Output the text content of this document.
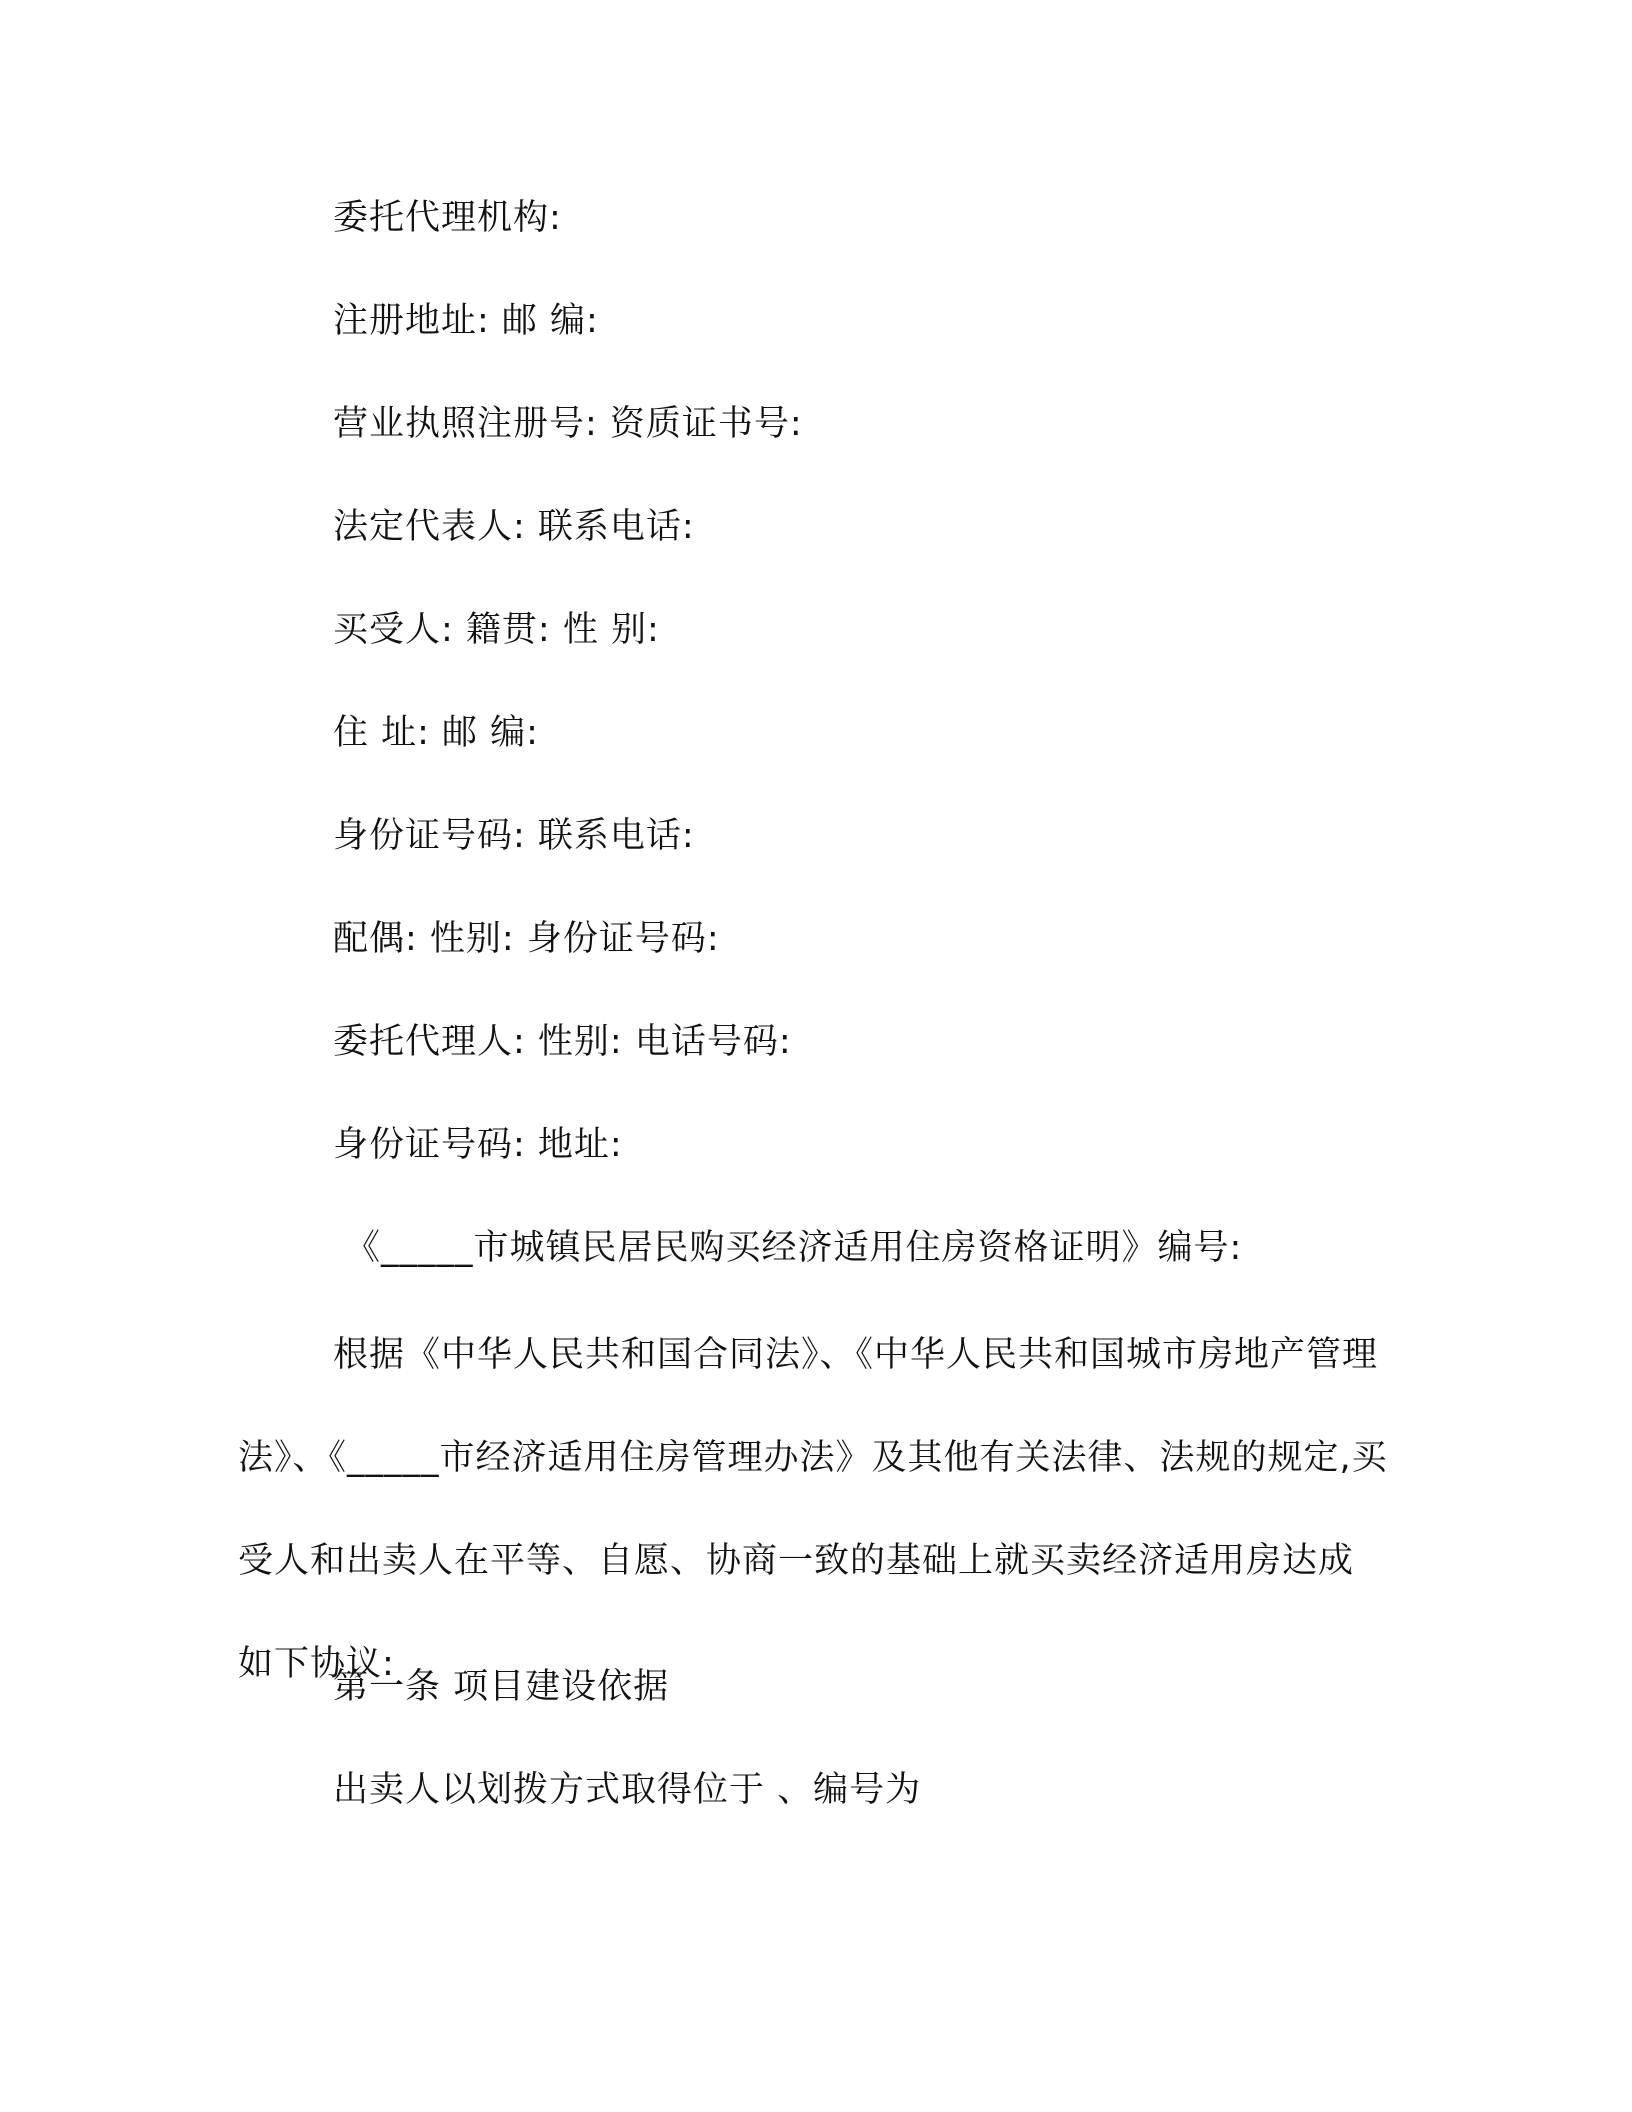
委托代理机构:
注册地址: 邮 编:
营业执照注册号: 资质证书号:
法定代表人: 联系电话:
买受人: 籍贯: 性 别:
住 址: 邮 编:
身份证号码: 联系电话:
配偶: 性别: 身份证号码:
委托代理人: 性别: 电话号码:
身份证号码: 地址:
《_____市城镇民居民购买经济适用住房资格证明》编号:

根据《中华人民共和国合同法》、《中华人民共和国城市房地产管理法》、《_____市经济适用住房管理办法》及其他有关法律、法规的规定,买受人和出卖人在平等、自愿、协商一致的基础上就买卖经济适用房达成如下协议:

第一条 项目建设依据
出卖人以划拨方式取得位于 、编号为
